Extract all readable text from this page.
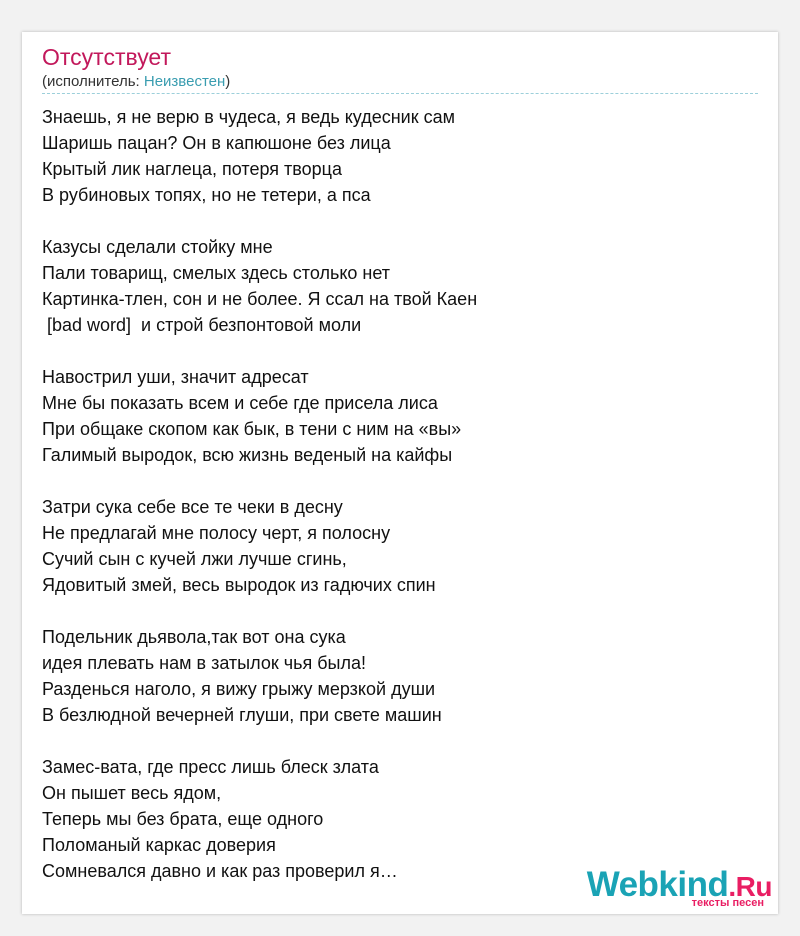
Отсутствует
(исполнитель: Неизвестен)
Знаешь, я не верю в чудеса, я ведь кудесник сам
Шаришь пацан? Он в капюшоне без лица
Крытый лик наглеца, потеря творца
В рубиновых топях, но не тетери, а пса
Казусы сделали стойку мне
Пали товарищ, смелых здесь столько нет
Картинка-тлен, сон и не более. Я ссал на твой Каен
[bad word]  и строй безпонтовой моли
Навострил уши, значит адресат
Мне бы показать всем и себе где присела лиса
При общаке скопом как бык, в тени с ним на «вы»
Галимый выродок, всю жизнь веденый на кайфы
Затри сука себе все те чеки в десну
Не предлагай мне полосу черт, я полосну
Сучий сын с кучей лжи лучше сгинь,
Ядовитый змей, весь выродок из гадючих спин
Подельник дьявола,так вот она сука
идея плевать нам в затылок чья была!
Разденься наголо, я вижу грыжу мерзкой души
В безлюдной вечерней глуши, при свете машин
Замес-вата, где пресс лишь блеск злата
Он пышет весь ядом,
Теперь мы без брата, еще одного
Поломаный каркас доверия
Сомневался давно и как раз проверил я…	Webkind.Ru
тексты песен
